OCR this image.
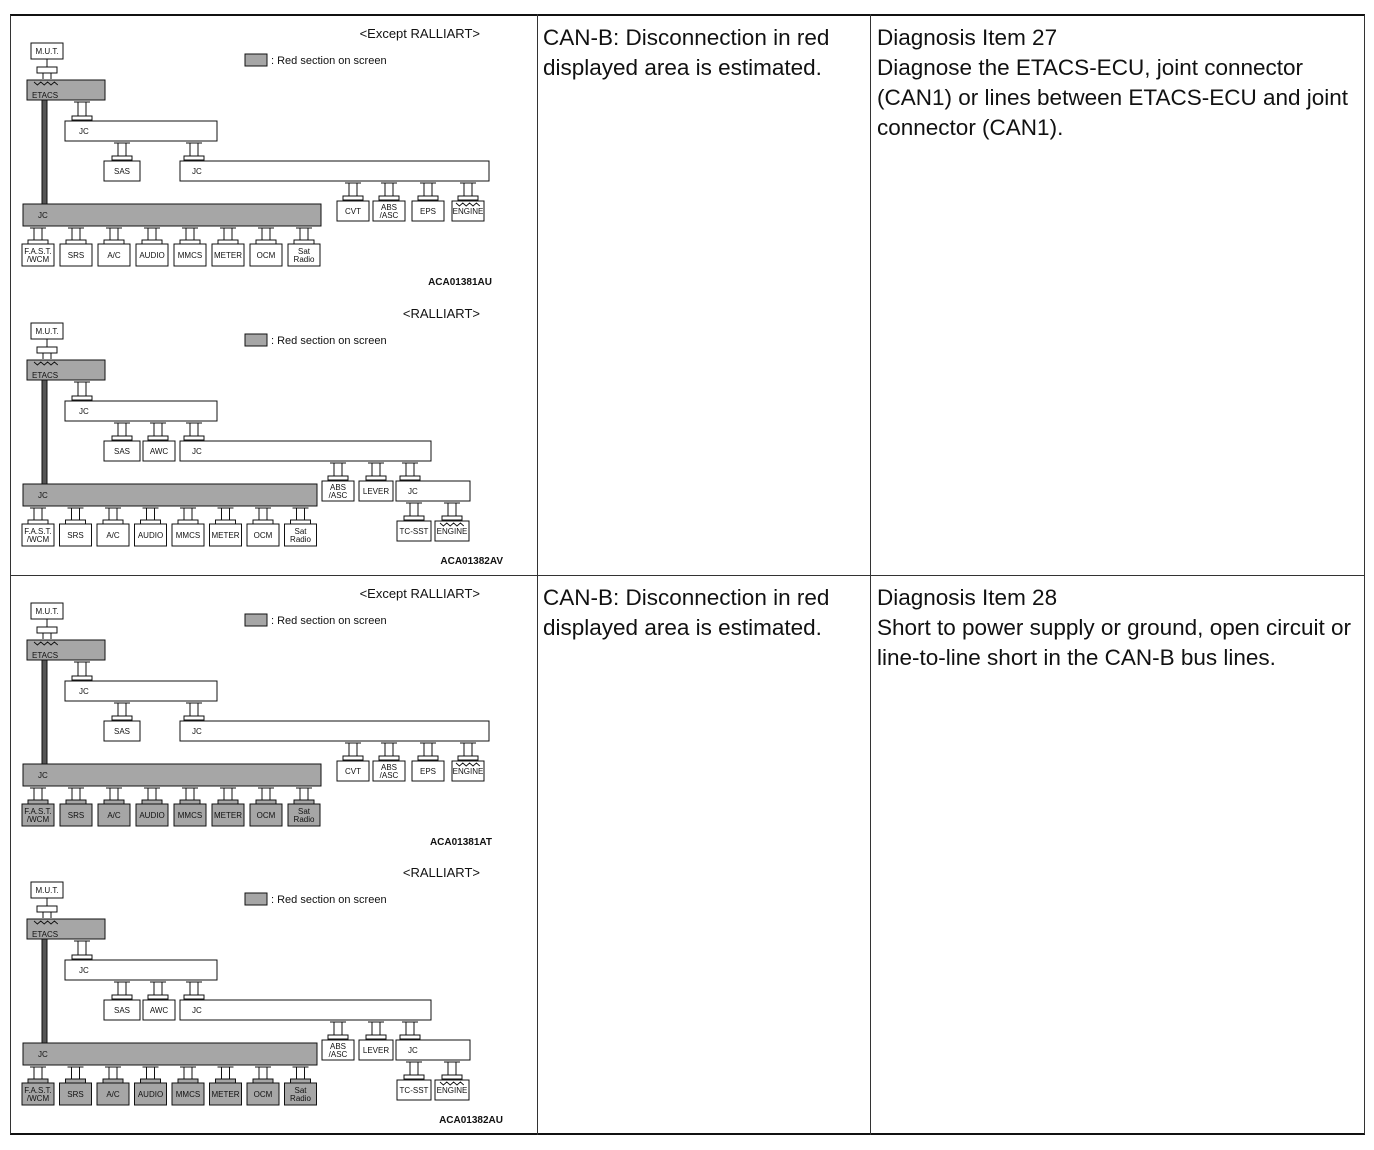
<Except RALLIART>
: Red section on screen
ACA01381AU
M.U.T.
ETACS
JC
SAS	JC
CVT ABS
/ASC	EPS ENGINE
JC
F.A.S.T.
/WCM SRS	A/C AUDIO MMCS METER OCM	Sat
Radio
<RALLIART>
: Red section on screen
ACA01382AV
M.U.T.
ETACS
JC
SAS AWC	JC
ABS
/ASC LEVER JC
TC-SST ENGINE
JC
F.A.S.T.
/WCM SRS	A/C AUDIO MMCS METER OCM	Sat
Radio
CAN-B: Disconnection in red displayed area is estimated.
Diagnosis Item 27
Diagnose the ETACS-ECU, joint connector (CAN1) or lines between ETACS-ECU and joint connector (CAN1).
<Except RALLIART>
: Red section on screen
ACA01381AT
M.U.T.
ETACS
JC
SAS	JC
CVT ABS
/ASC	EPS ENGINE
JC
F.A.S.T.
/WCM SRS	A/C AUDIO MMCS METER OCM	Sat
Radio
<RALLIART>
: Red section on screen
ACA01382AU
M.U.T.
ETACS
JC
SAS AWC	JC
ABS
/ASC LEVER JC
TC-SST ENGINE
JC
F.A.S.T.
/WCM SRS	A/C AUDIO MMCS METER OCM	Sat
Radio
CAN-B: Disconnection in red displayed area is estimated.
Diagnosis Item 28
Short to power supply or ground, open circuit or line-to-line short in the CAN-B bus lines.
